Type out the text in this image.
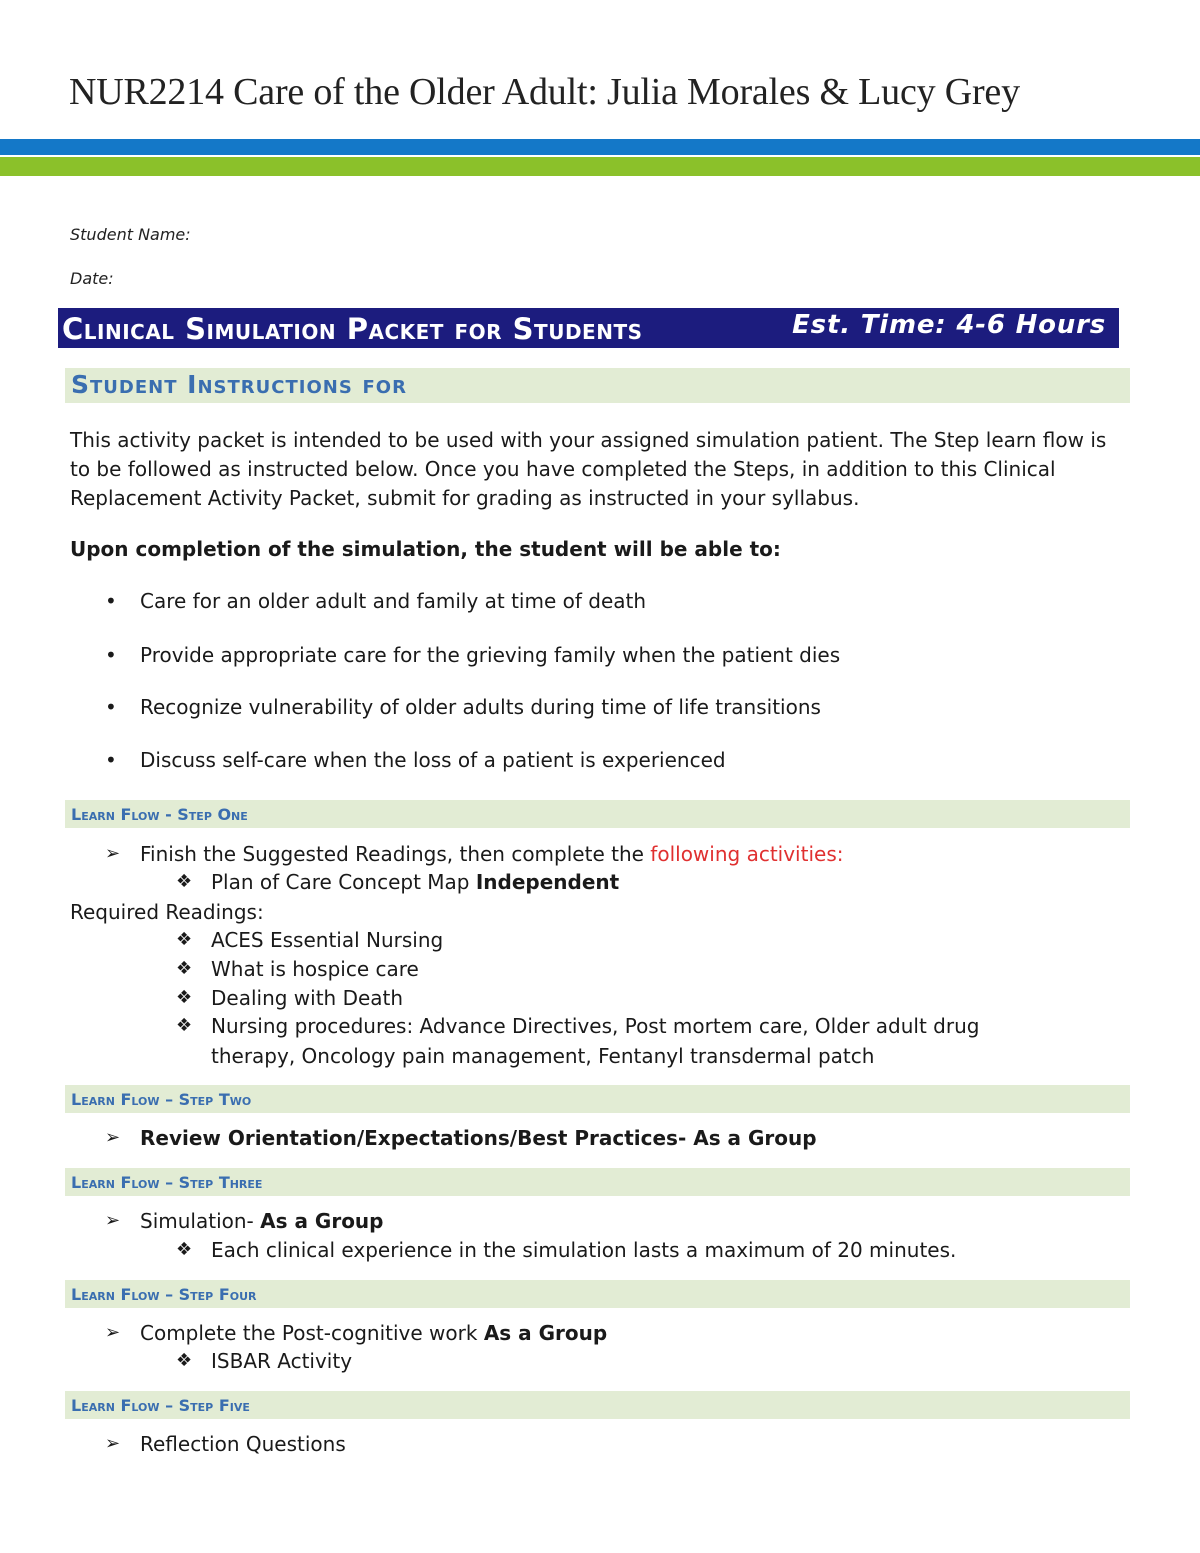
NUR2214 Care of the Older Adult: Julia Morales & Lucy Grey
Student Name:
Date:
Clinical Simulation Packet for Students	Est. Time: 4-6 Hours
Student Instructions for

This activity packet is intended to be used with your assigned simulation patient. The Step learn flow is to be followed as instructed below. Once you have completed the Steps, in addition to this Clinical Replacement Activity Packet, submit for grading as instructed in your syllabus.

Upon completion of the simulation, the student will be able to:
• Care for an older adult and family at time of death
• Provide appropriate care for the grieving family when the patient dies
• Recognize vulnerability of older adults during time of life transitions
• Discuss self-care when the loss of a patient is experienced
Learn Flow - Step One
➢ Finish the Suggested Readings, then complete the following activities:
❖ Plan of Care Concept Map Independent
Required Readings:
❖ ACES Essential Nursing
❖ What is hospice care
❖ Dealing with Death
❖ Nursing procedures: Advance Directives, Post mortem care, Older adult drug
therapy, Oncology pain management, Fentanyl transdermal patch
Learn Flow – Step Two
➢ Review Orientation/Expectations/Best Practices- As a Group
Learn Flow – Step Three
➢ Simulation- As a Group
❖ Each clinical experience in the simulation lasts a maximum of 20 minutes.
Learn Flow – Step Four
➢ Complete the Post-cognitive work As a Group
❖ ISBAR Activity
Learn Flow – Step Five
➢ Reflection Questions
